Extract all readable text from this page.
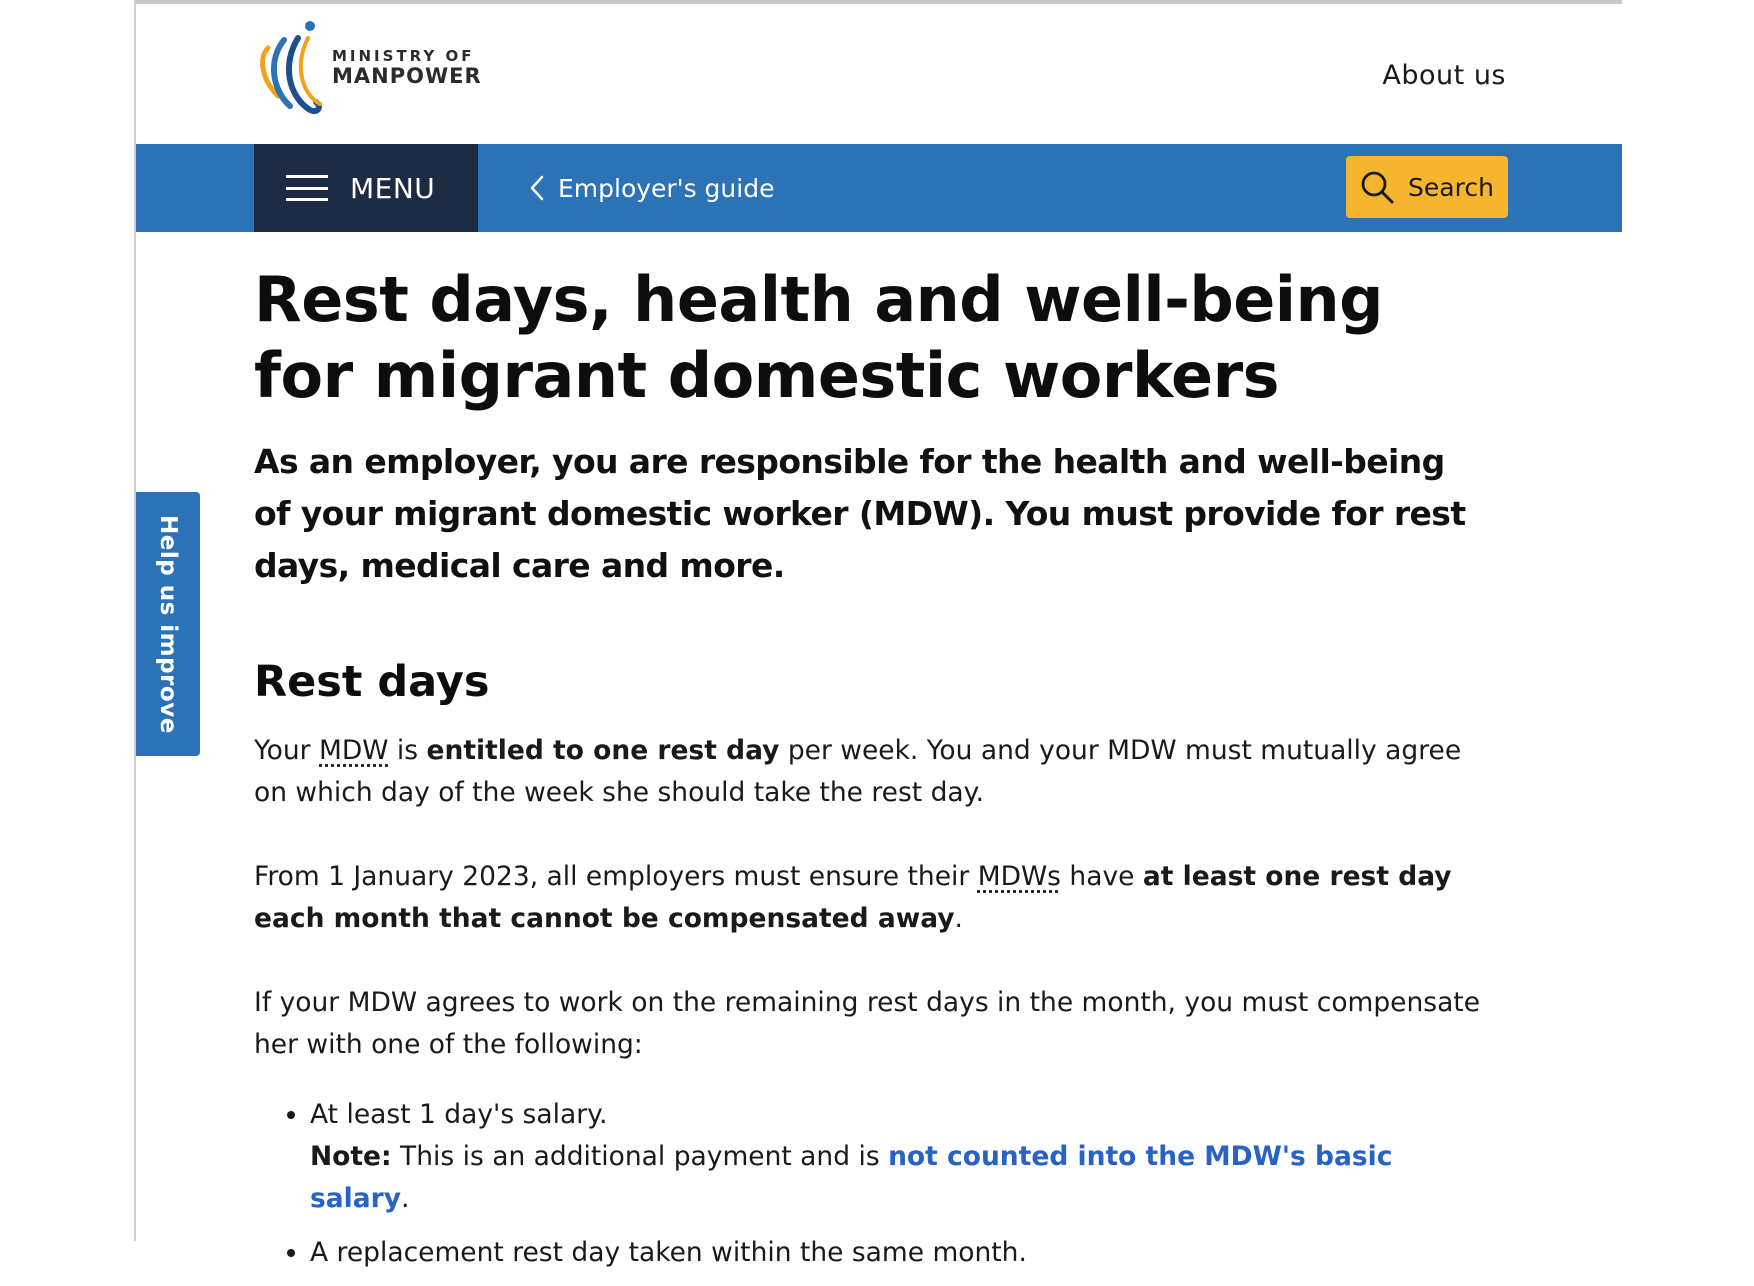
MINISTRY OF
MANPOWER	About us
MENU	Employer's guide	Search
Help us improve
Rest days, health and well-being for migrant domestic workers

As an employer, you are responsible for the health and well-being of your migrant domestic worker (MDW). You must provide for rest days, medical care and more.

Rest days

Your MDW is entitled to one rest day per week. You and your MDW must mutually agree on which day of the week she should take the rest day.

From 1 January 2023, all employers must ensure their MDWs have at least one rest day each month that cannot be compensated away.

If your MDW agrees to work on the remaining rest days in the month, you must compensate her with one of the following:

• At least 1 day's salary.
Note: This is an additional payment and is not counted into the MDW's basic salary.
• A replacement rest day taken within the same month.
